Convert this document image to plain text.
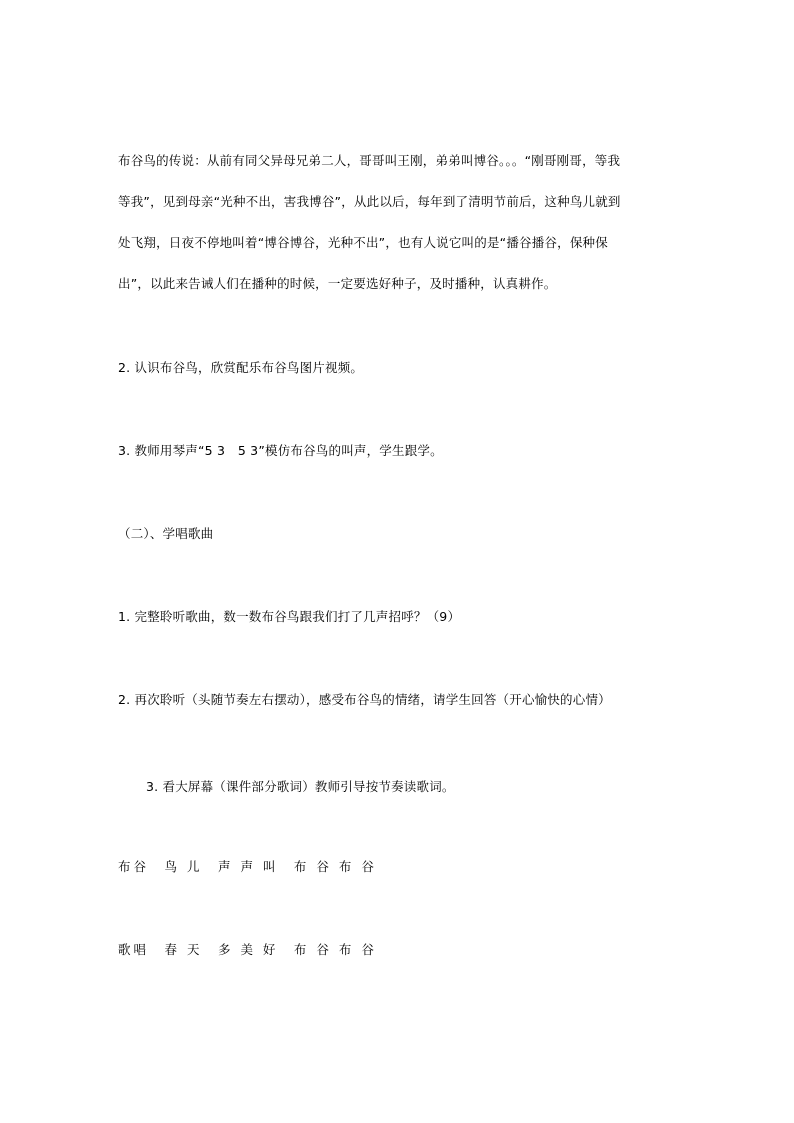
布谷鸟的传说：从前有同父异母兄弟二人，哥哥叫王刚，弟弟叫博谷。。。“刚哥刚哥，等我
等我”，见到母亲“光种不出，害我博谷”，从此以后，每年到了清明节前后，这种鸟儿就到
处飞翔，日夜不停地叫着“博谷博谷，光种不出”，也有人说它叫的是“播谷播谷，保种保
出”，以此来告诫人们在播种的时候，一定要选好种子，及时播种，认真耕作。
2. 认识布谷鸟，欣赏配乐布谷鸟图片视频。
3. 教师用琴声“5 3　5 3”模仿布谷鸟的叫声，学生跟学。
（二）、学唱歌曲
1. 完整聆听歌曲，数一数布谷鸟跟我们打了几声招呼？（9）
2. 再次聆听（头随节奏左右摆动），感受布谷鸟的情绪，请学生回答（开心愉快的心情）
3. 看大屏幕（课件部分歌词）教师引导按节奏读歌词。
布谷　鸟 儿　声 声 叫　布 谷 布 谷
歌唱　春 天　多 美 好　布 谷 布 谷
